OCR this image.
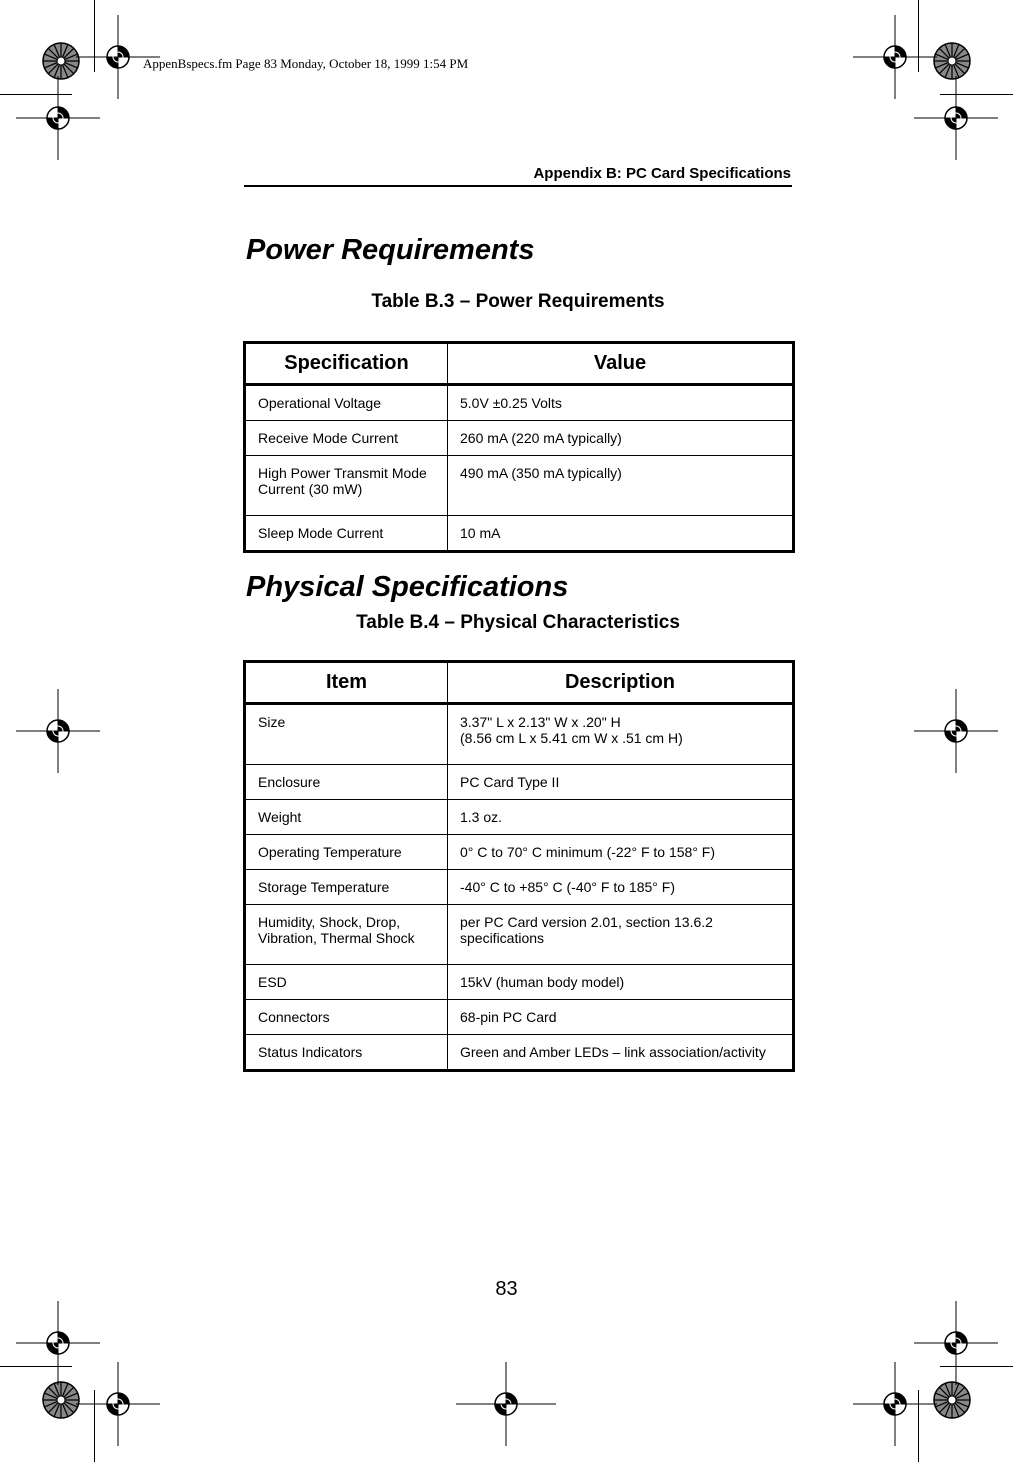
AppenBspecs.fm Page 83 Monday, October 18, 1999 1:54 PM
Appendix B: PC Card Specifications
Power Requirements
Table B.3 – Power Requirements
Specification	Value
Operational Voltage	5.0V ±0.25 Volts
Receive Mode Current	260 mA (220 mA typically)
High Power Transmit Mode Current (30 mW)	490 mA (350 mA typically)
Sleep Mode Current	10 mA
Physical Specifications
Table B.4 – Physical Characteristics
Item	Description
Size	3.37" L x 2.13" W x .20" H
(8.56 cm L x 5.41 cm W x .51 cm H)

Enclosure	PC Card Type II
Weight	1.3 oz.
Operating Temperature	0° C to 70° C minimum (-22° F to 158° F)
Storage Temperature	-40° C to +85° C (-40° F to 185° F)
Humidity, Shock, Drop, Vibration, Thermal Shock	per PC Card version 2.01, section 13.6.2 specifications
ESD	15kV (human body model)
Connectors	68-pin PC Card
Status Indicators	Green and Amber LEDs – link association/activity
83
